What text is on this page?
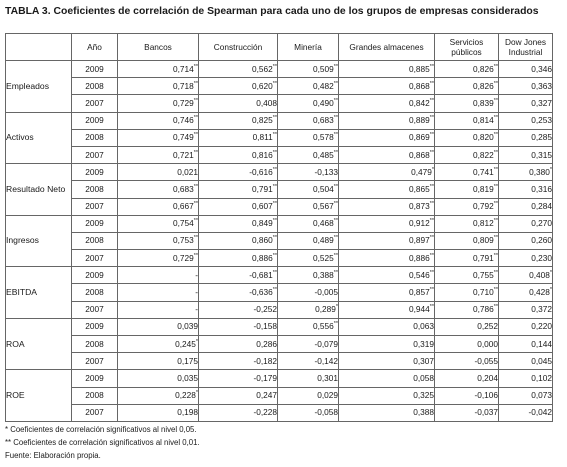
TABLA 3. Coeficientes de correlación de Spearman para cada uno de los grupos de empresas considerados
	Año	Bancos	Construcción	Minería	Grandes almacenes	Servicios públicos	Dow Jones Industrial
Empleados	2009	0,714**	0,562**	0,509**	0,885**	0,826**	0,346
	2008	0,718**	0,620**	0,482**	0,868**	0,826**	0,363
	2007	0,729**	0,408	0,490**	0,842**	0,839**	0,327
Activos	2009	0,746**	0,825**	0,683**	0,889**	0,814**	0,253
	2008	0,749**	0,811**	0,578**	0,869**	0,820**	0,285
	2007	0,721**	0,816**	0,485**	0,868**	0,822**	0,315
Resultado Neto	2009	0,021	-0,616**	-0,133	0,479*	0,741**	0,380*
	2008	0,683**	0,791**	0,504**	0,865**	0,819**	0,316
	2007	0,667**	0,607**	0,567**	0,873**	0,792**	0,284
Ingresos	2009	0,754**	0,849**	0,468**	0,912**	0,812**	0,270
	2008	0,753**	0,860**	0,489**	0,897**	0,809**	0,260
	2007	0,729**	0,886**	0,525**	0,886**	0,791**	0,230
EBITDA	2009	-	-0,681**	0,388**	0,546**	0,755**	0,408*
	2008	-	-0,636**	-0,005	0,857**	0,710**	0,428*
	2007	-	-0,252	0,289*	0,944**	0,786**	0,372
ROA	2009	0,039	-0,158	0,556**	0,063	0,252	0,220
	2008	0,245*	0,286	-0,079	0,319	0,000	0,144
	2007	0,175	-0,182	-0,142	0,307	-0,055	0,045
ROE	2009	0,035	-0,179	0,301	0,058	0,204	0,102
	2008	0,228*	0,247	0,029	0,325	-0,106	0,073
	2007	0,198	-0,228	-0,058	0,388	-0,037	-0,042
* Coeficientes de correlación significativos al nivel 0,05.
** Coeficientes de correlación significativos al nivel 0,01.
Fuente: Elaboración propia.
